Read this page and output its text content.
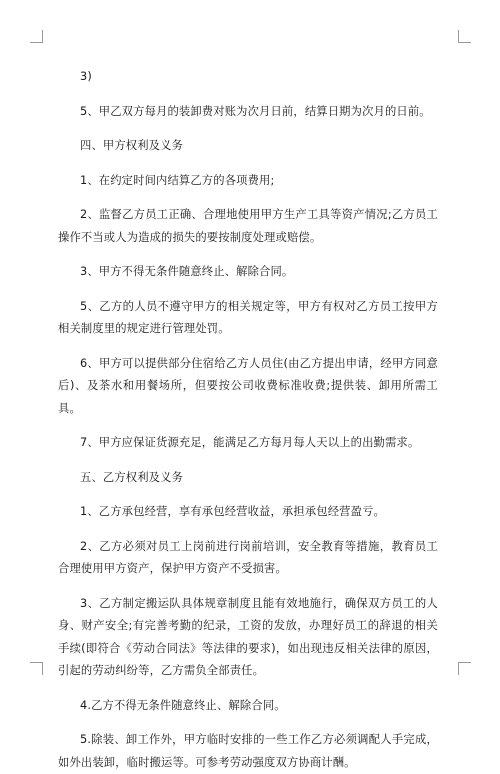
3)

5、甲乙双方每月的装卸费对账为次月日前，结算日期为次月的日前。

四、甲方权利及义务

1、在约定时间内结算乙方的各项费用;

2、监督乙方员工正确、合理地使用甲方生产工具等资产情况;乙方员工操作不当或人为造成的损失的要按制度处理或赔偿。

3、甲方不得无条件随意终止、解除合同。

5、乙方的人员不遵守甲方的相关规定等，甲方有权对乙方员工按甲方相关制度里的规定进行管理处罚。

6、甲方可以提供部分住宿给乙方人员住(由乙方提出申请，经甲方同意后)、及茶水和用餐场所，但要按公司收费标准收费;提供装、卸用所需工具。

7、甲方应保证货源充足，能满足乙方每月每人天以上的出勤需求。

五、乙方权利及义务

1、乙方承包经营，享有承包经营收益，承担承包经营盈亏。

2、乙方必须对员工上岗前进行岗前培训，安全教育等措施，教育员工合理使用甲方资产，保护甲方资产不受损害。

3、乙方制定搬运队具体规章制度且能有效地施行，确保双方员工的人身、财产安全;有完善考勤的纪录，工资的发放，办理好员工的辞退的相关手续(即符合《劳动合同法》等法律的要求)，如出现违反相关法律的原因，引起的劳动纠纷等，乙方需负全部责任。

4.乙方不得无条件随意终止、解除合同。

5.除装、卸工作外，甲方临时安排的一些工作乙方必须调配人手完成，如外出装卸，临时搬运等。可参考劳动强度双方协商计酬。
